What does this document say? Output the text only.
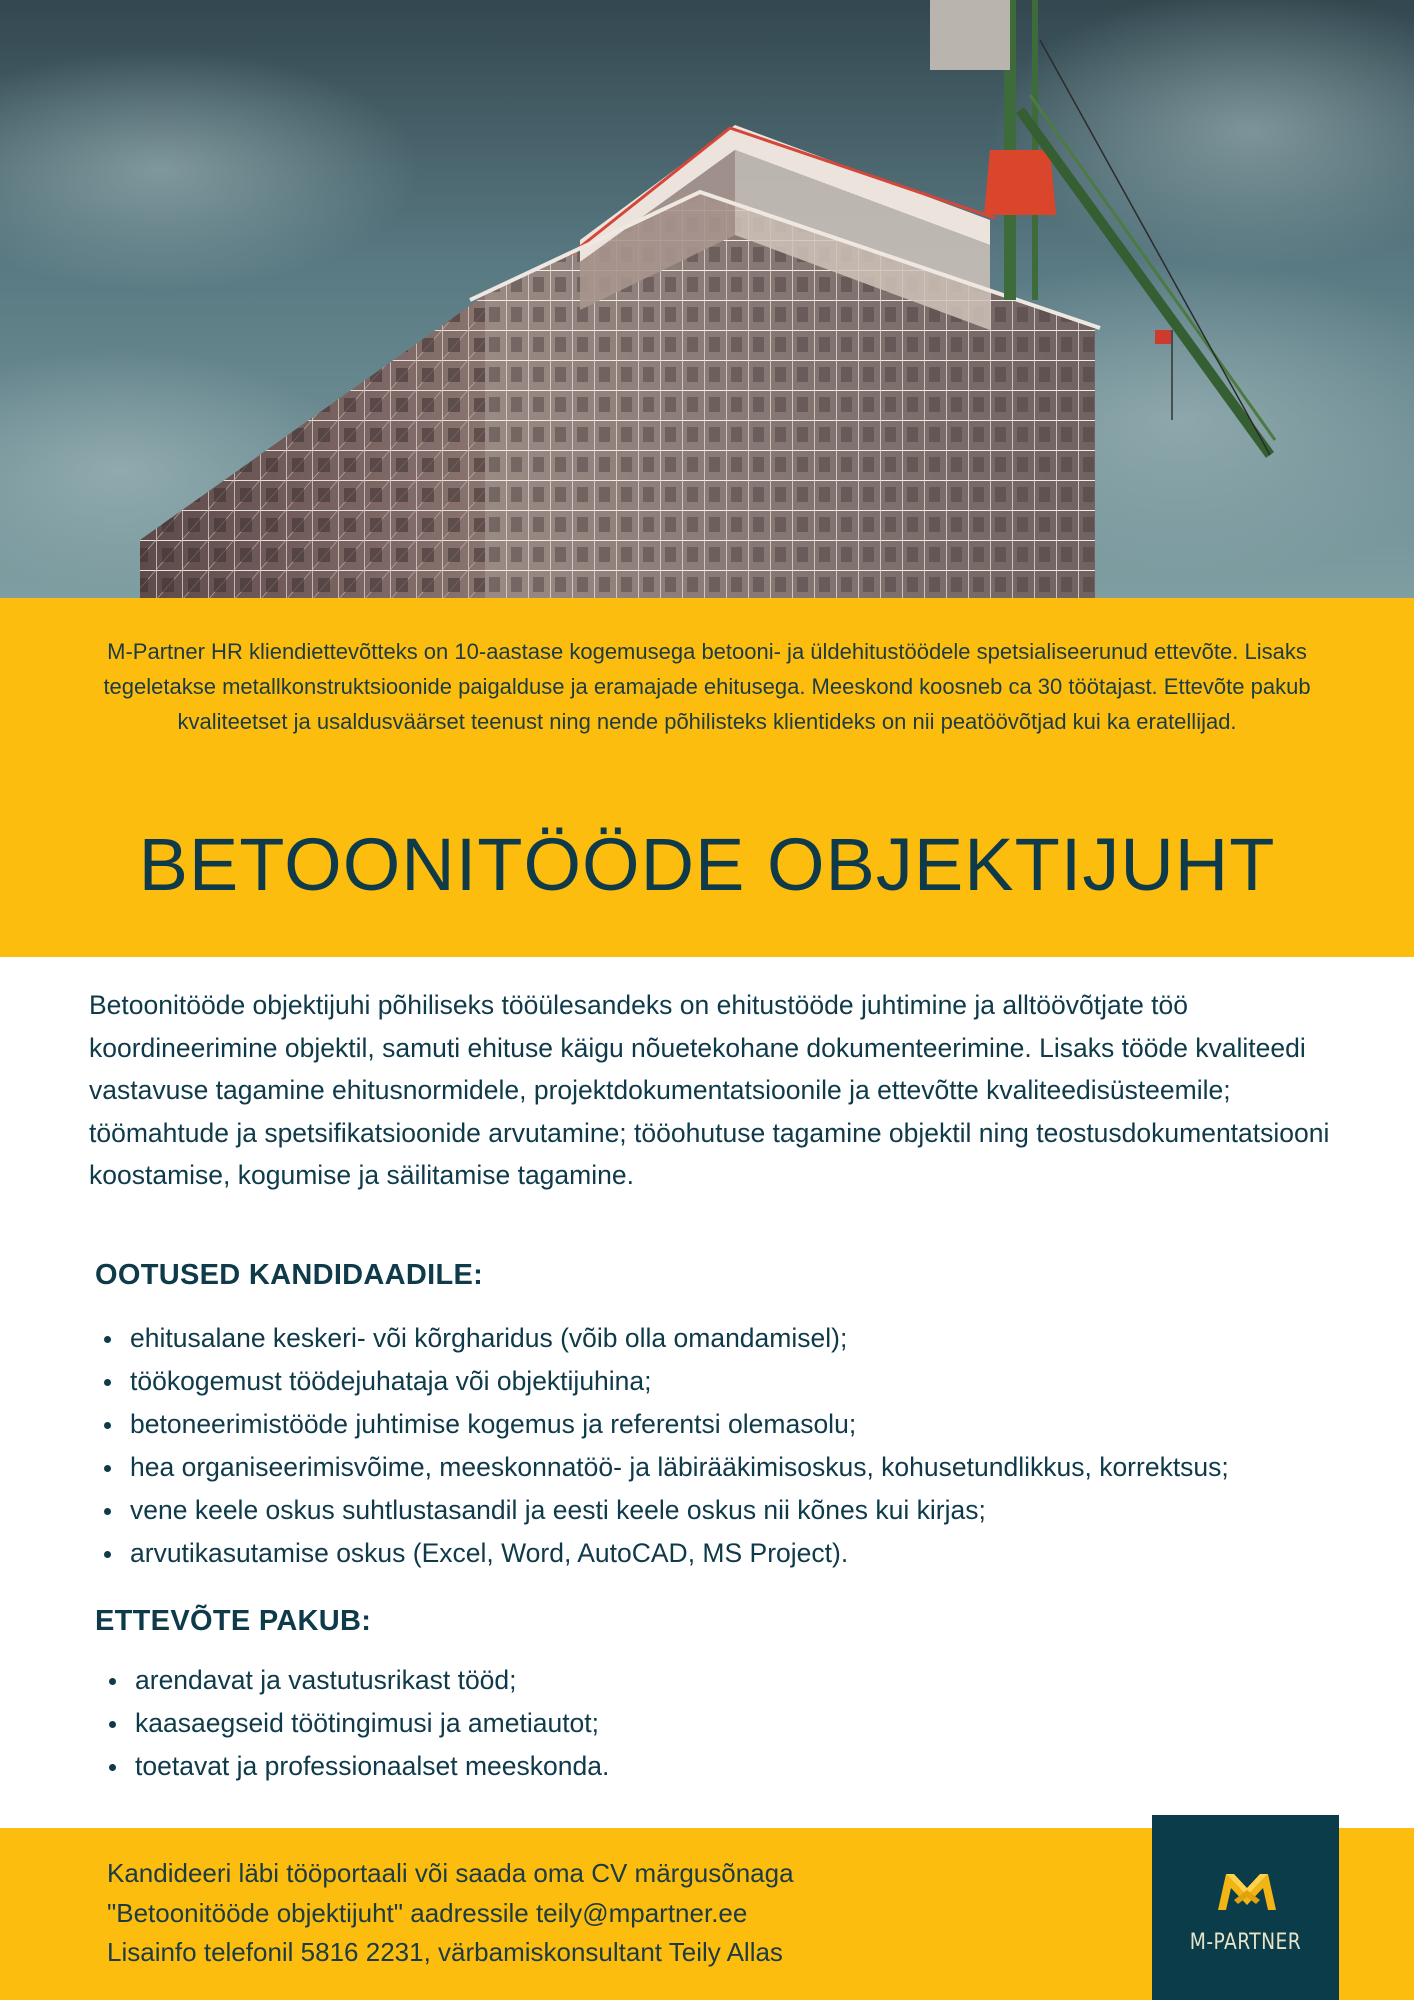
M-Partner HR kliendiettevõtteks on 10-aastase kogemusega betooni- ja üldehitustöödele spetsialiseerunud ettevõte. Lisaks tegeletakse metallkonstruktsioonide paigalduse ja eramajade ehitusega. Meeskond koosneb ca 30 töötajast. Ettevõte pakub kvaliteetset ja usaldusväärset teenust ning nende põhilisteks klientideks on nii peatöövõtjad kui ka eratellijad.

BETOONITÖÖDE OBJEKTIJUHT

Betoonitööde objektijuhi põhiliseks tööülesandeks on ehitustööde juhtimine ja alltöövõtjate töö koordineerimine objektil, samuti ehituse käigu nõuetekohane dokumenteerimine. Lisaks tööde kvaliteedi vastavuse tagamine ehitusnormidele, projektdokumentatsioonile ja ettevõtte kvaliteedisüsteemile; töömahtude ja spetsifikatsioonide arvutamine; tööohutuse tagamine objektil ning teostusdokumentatsiooni koostamise, kogumise ja säilitamise tagamine.

OOTUSED KANDIDAADILE:
ehitusalane keskeri- või kõrgharidus (võib olla omandamisel);
töökogemust töödejuhataja või objektijuhina;
betoneerimistööde juhtimise kogemus ja referentsi olemasolu;
hea organiseerimisvõime, meeskonnatöö- ja läbirääkimisoskus, kohusetundlikkus, korrektsus;
vene keele oskus suhtlustasandil ja eesti keele oskus nii kõnes kui kirjas;
arvutikasutamise oskus (Excel, Word, AutoCAD, MS Project).
ETTEVÕTE PAKUB:
arendavat ja vastutusrikast tööd;
kaasaegseid töötingimusi ja ametiautot;
toetavat ja professionaalset meeskonda.
Kandideeri läbi tööportaali või saada oma CV märgusõnaga
"Betoonitööde objektijuht" aadressile teily@mpartner.ee
Lisainfo telefonil 5816 2231, värbamiskonsultant Teily Allas	M-PARTNER
